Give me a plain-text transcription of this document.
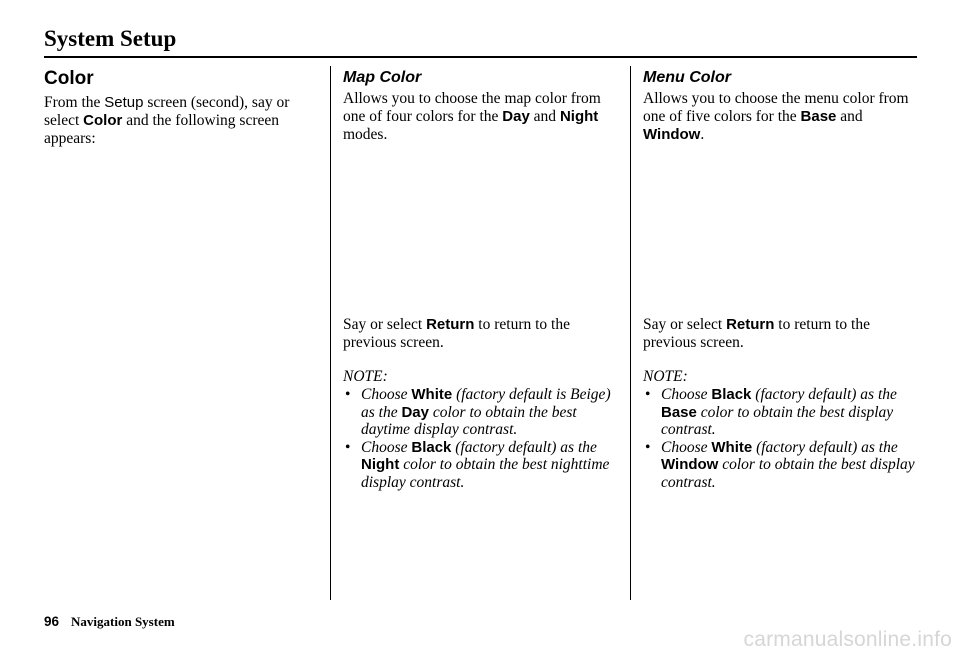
System Setup
Color

From the Setup screen (second), say or select Color and the following screen appears:

Map Color

Allows you to choose the map color from one of four colors for the Day and Night modes.

Say or select Return to return to the previous screen.

NOTE:

• Choose White (factory default is Beige) as the Day color to obtain the best daytime display contrast.
• Choose Black (factory default) as the Night color to obtain the best nighttime display contrast.
Menu Color

Allows you to choose the menu color from one of five colors for the Base and Window.

Say or select Return to return to the previous screen.

NOTE:

• Choose Black (factory default) as the Base color to obtain the best display contrast.
• Choose White (factory default) as the Window color to obtain the best display contrast.
96 Navigation System
carmanualsonline.info
